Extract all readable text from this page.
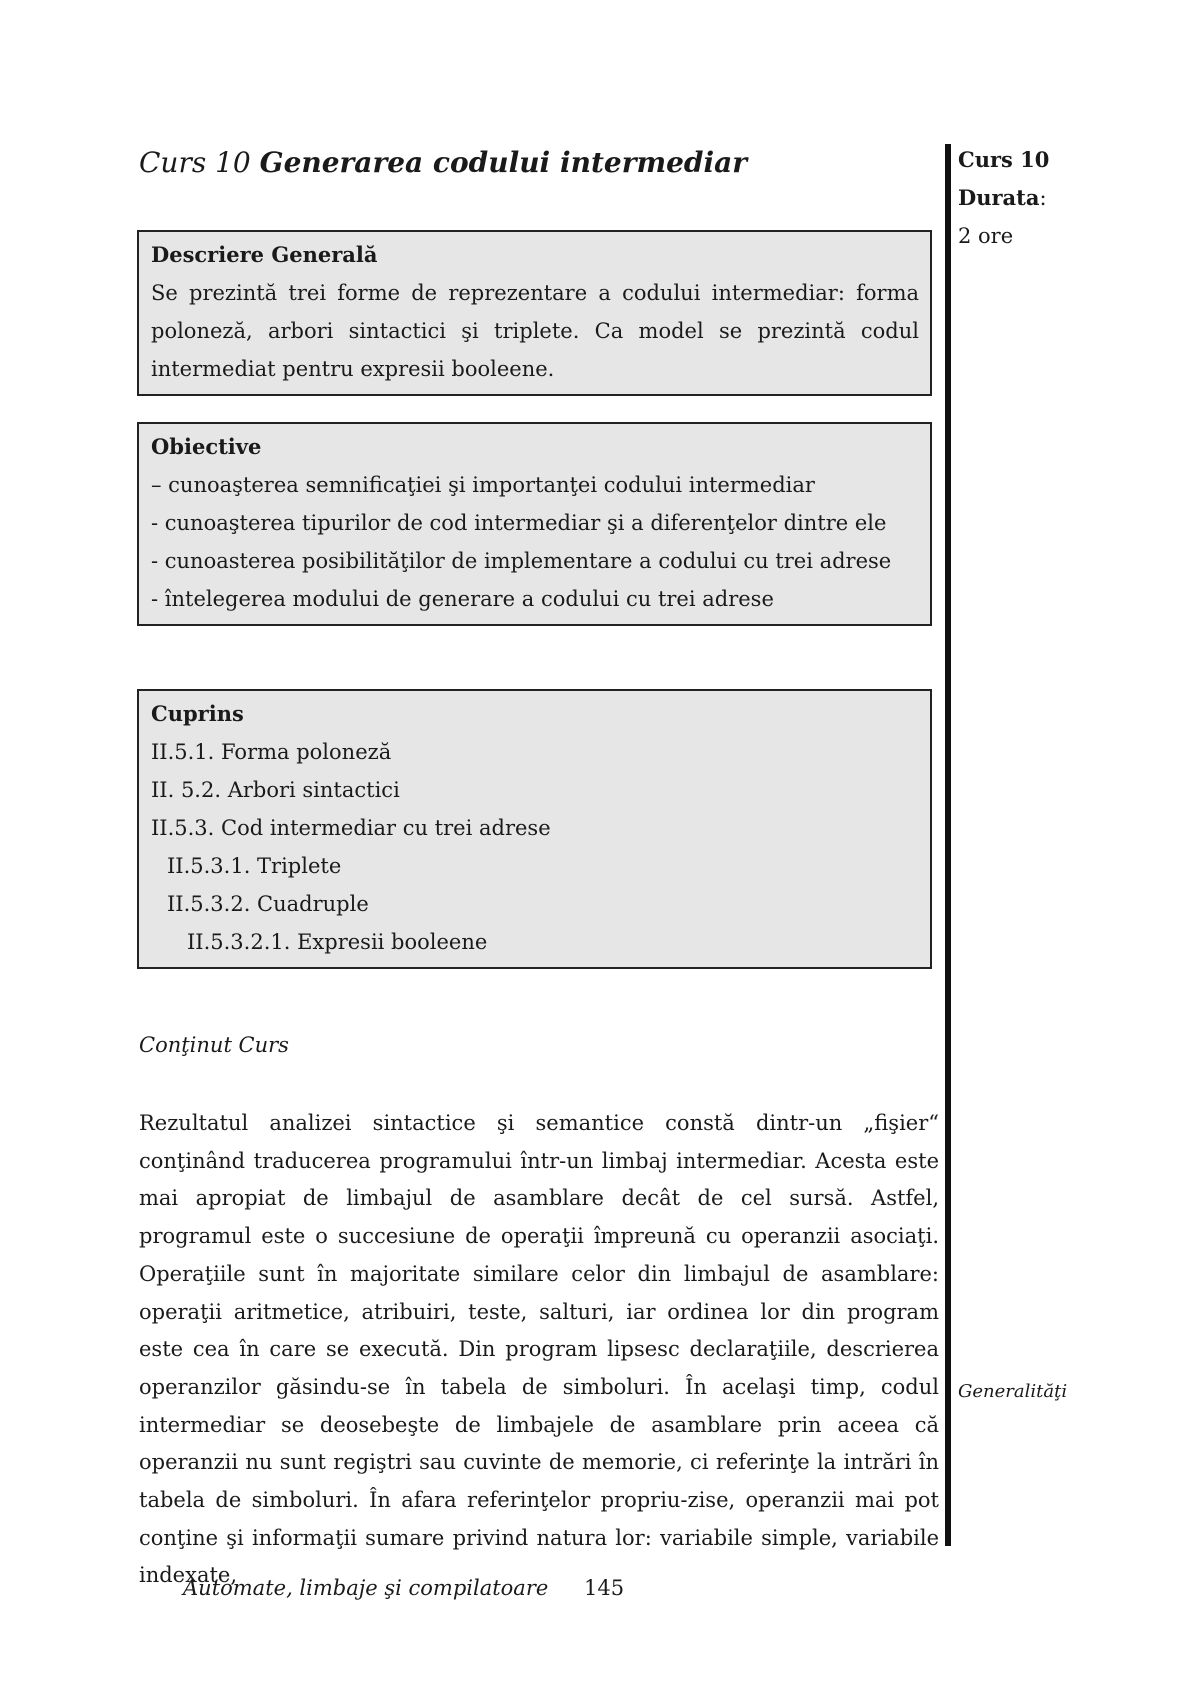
Curs 10 Generarea codului intermediar
Descriere Generală
Se prezintă trei forme de reprezentare a codului intermediar: forma poloneză, arbori sintactici şi triplete. Ca model se prezintă codul intermediat pentru expresii booleene.
Obiective
– cunoaşterea semnificaţiei şi importanţei codului intermediar
- cunoaşterea tipurilor de cod intermediar şi a diferenţelor dintre ele
- cunoasterea posibilităţilor de implementare a codului cu trei adrese
- întelegerea modului de generare a codului cu trei adrese
Cuprins
II.5.1. Forma poloneză
II. 5.2. Arbori sintactici
II.5.3. Cod intermediar cu trei adrese
II.5.3.1. Triplete
II.5.3.2. Cuadruple
II.5.3.2.1. Expresii booleene
Conţinut Curs
Rezultatul analizei sintactice şi semantice constă dintr-un „fişier“ conţinând traducerea programului într-un limbaj intermediar. Acesta este mai apropiat de limbajul de asamblare decât de cel sursă. Astfel, programul este o succesiune de operaţii împreună cu operanzii asociaţi. Operaţiile sunt în majoritate similare celor din limbajul de asamblare: operaţii aritmetice, atribuiri, teste, salturi, iar ordinea lor din program este cea în care se execută. Din program lipsesc declaraţiile, descrierea operanzilor găsindu-se în tabela de simboluri. În acelaşi timp, codul intermediar se deosebeşte de limbajele de asamblare prin aceea că operanzii nu sunt regiştri sau cuvinte de memorie, ci referinţe la intrări în tabela de simboluri. În afara referinţelor propriu-zise, operanzii mai pot conţine şi informaţii sumare privind natura lor: variabile simple, variabile indexate,
Curs 10
Durata:
2 ore
Generalităţi
Automate, limbaje şi compilatoare 145
